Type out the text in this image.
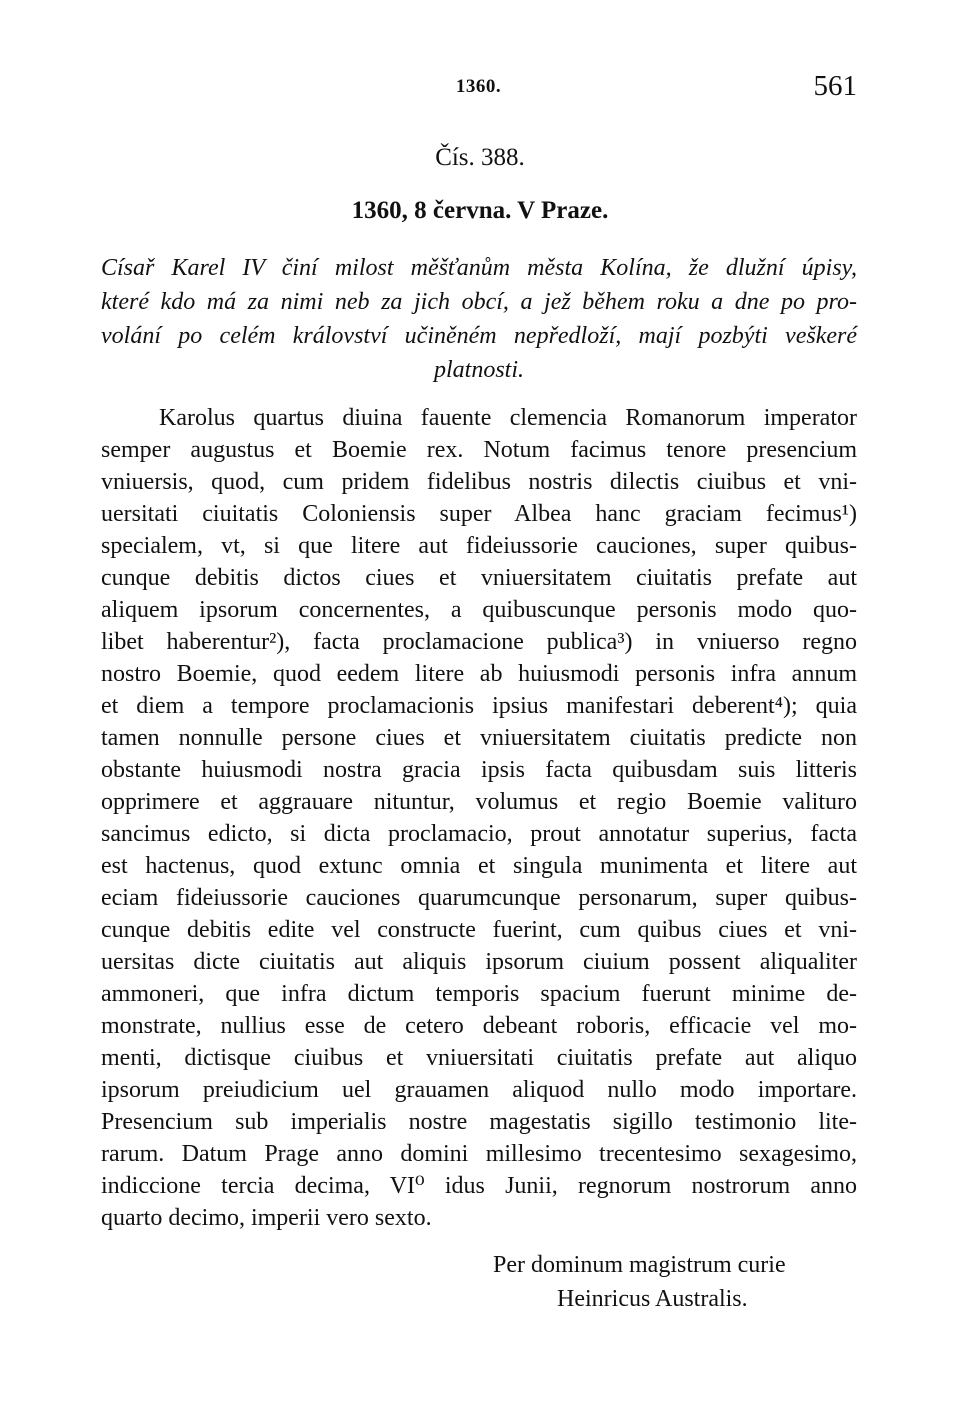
1360.	561
Čís. 388.
1360, 8 června. V Praze.
Císař Karel IV činí milost měšťanům města Kolína, že dlužní úpisy,
které kdo má za nimi neb za jich obcí, a jež během roku a dne po pro-
volání po celém království učiněném nepředloží, mají pozbýti veškeré
platnosti.
Karolus quartus diuina fauente clemencia Romanorum imperator
semper augustus et Boemie rex. Notum facimus tenore presencium
vniuersis, quod, cum pridem fidelibus nostris dilectis ciuibus et vni-
uersitati ciuitatis Coloniensis super Albea hanc graciam fecimus¹)
specialem, vt, si que litere aut fideiussorie cauciones, super quibus-
cunque debitis dictos ciues et vniuersitatem ciuitatis prefate aut
aliquem ipsorum concernentes, a quibuscunque personis modo quo-
libet haberentur²), facta proclamacione publica³) in vniuerso regno
nostro Boemie, quod eedem litere ab huiusmodi personis infra annum
et diem a tempore proclamacionis ipsius manifestari deberent⁴); quia
tamen nonnulle persone ciues et vniuersitatem ciuitatis predicte non
obstante huiusmodi nostra gracia ipsis facta quibusdam suis litteris
opprimere et aggrauare nituntur, volumus et regio Boemie valituro
sancimus edicto, si dicta proclamacio, prout annotatur superius, facta
est hactenus, quod extunc omnia et singula munimenta et litere aut
eciam fideiussorie cauciones quarumcunque personarum, super quibus-
cunque debitis edite vel constructe fuerint, cum quibus ciues et vni-
uersitas dicte ciuitatis aut aliquis ipsorum ciuium possent aliqualiter
ammoneri, que infra dictum temporis spacium fuerunt minime de-
monstrate, nullius esse de cetero debeant roboris, efficacie vel mo-
menti, dictisque ciuibus et vniuersitati ciuitatis prefate aut aliquo
ipsorum preiudicium uel grauamen aliquod nullo modo importare.
Presencium sub imperialis nostre magestatis sigillo testimonio lite-
rarum. Datum Prage anno domini millesimo trecentesimo sexagesimo,
indiccione tercia decima, VI⁰ idus Junii, regnorum nostrorum anno
quarto decimo, imperii vero sexto.
Per dominum magistrum curie
Heinricus Australis.
